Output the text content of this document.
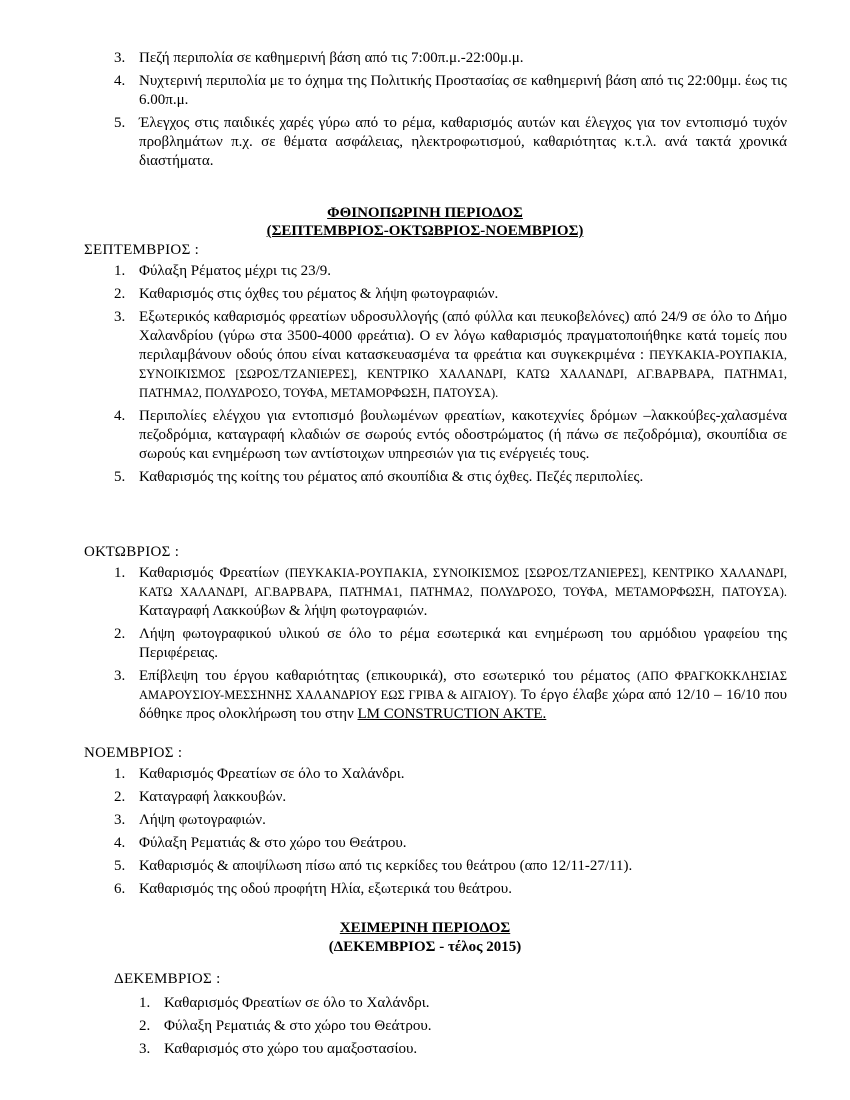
3. Πεζή περιπολία σε καθημερινή βάση από τις 7:00π.μ.-22:00μ.μ.
4. Νυχτερινή περιπολία με το όχημα της Πολιτικής Προστασίας σε καθημερινή βάση από τις 22:00μμ. έως τις 6.00π.μ.
5. Έλεγχος στις παιδικές χαρές γύρω από το ρέμα, καθαρισμός αυτών και έλεγχος για τον εντοπισμό τυχόν προβλημάτων π.χ. σε θέματα ασφάλειας, ηλεκτροφωτισμού, καθαριότητας κ.τ.λ. ανά τακτά χρονικά διαστήματα.
ΦΘΙΝΟΠΩΡΙΝΗ ΠΕΡΙΟΔΟΣ
(ΣΕΠΤΕΜΒΡΙΟΣ-ΟΚΤΩΒΡΙΟΣ-ΝΟΕΜΒΡΙΟΣ)
ΣΕΠΤΕΜΒΡΙΟΣ :
1. Φύλαξη Ρέματος μέχρι τις 23/9.
2. Καθαρισμός στις όχθες του ρέματος & λήψη φωτογραφιών.
3. Εξωτερικός καθαρισμός φρεατίων υδροσυλλογής (από φύλλα και πευκοβελόνες) από 24/9 σε όλο το Δήμο Χαλανδρίου (γύρω στα 3500-4000 φρεάτια). Ο εν λόγω καθαρισμός πραγματοποιήθηκε κατά τομείς που περιλαμβάνουν οδούς όπου είναι κατασκευασμένα τα φρεάτια και συγκεκριμένα : ΠΕΥΚΑΚΙΑ-ΡΟΥΠΑΚΙΑ, ΣΥΝΟΙΚΙΣΜΟΣ [ΣΩΡΟΣ/ΤΖΑΝΙΕΡΕΣ], ΚΕΝΤΡΙΚΟ ΧΑΛΑΝΔΡΙ, ΚΑΤΩ ΧΑΛΑΝΔΡΙ, ΑΓ.ΒΑΡΒΑΡΑ, ΠΑΤΗΜΑ1, ΠΑΤΗΜΑ2, ΠΟΛΥΔΡΟΣΟ, ΤΟΥΦΑ, ΜΕΤΑΜΟΡΦΩΣΗ, ΠΑΤΟΥΣΑ).
4. Περιπολίες ελέγχου για εντοπισμό βουλωμένων φρεατίων, κακοτεχνίες δρόμων –λακκούβες-χαλασμένα πεζοδρόμια, καταγραφή κλαδιών σε σωρούς εντός οδοστρώματος (ή πάνω σε πεζοδρόμια), σκουπίδια σε σωρούς και ενημέρωση των αντίστοιχων υπηρεσιών για τις ενέργειές τους.
5. Καθαρισμός της κοίτης του ρέματος από σκουπίδια & στις όχθες. Πεζές περιπολίες.
ΟΚΤΩΒΡΙΟΣ :
1. Καθαρισμός Φρεατίων (ΠΕΥΚΑΚΙΑ-ΡΟΥΠΑΚΙΑ, ΣΥΝΟΙΚΙΣΜΟΣ [ΣΩΡΟΣ/ΤΖΑΝΙΕΡΕΣ], ΚΕΝΤΡΙΚΟ ΧΑΛΑΝΔΡΙ, ΚΑΤΩ ΧΑΛΑΝΔΡΙ, ΑΓ.ΒΑΡΒΑΡΑ, ΠΑΤΗΜΑ1, ΠΑΤΗΜΑ2, ΠΟΛΥΔΡΟΣΟ, ΤΟΥΦΑ, ΜΕΤΑΜΟΡΦΩΣΗ, ΠΑΤΟΥΣΑ). Καταγραφή Λακκούβων & λήψη φωτογραφιών.
2. Λήψη φωτογραφικού υλικού σε όλο το ρέμα εσωτερικά και ενημέρωση του αρμόδιου γραφείου της Περιφέρειας.
3. Επίβλεψη του έργου καθαριότητας (επικουρικά), στο εσωτερικό του ρέματος (ΑΠΟ ΦΡΑΓΚΟΚΚΛΗΣΙΑΣ ΑΜΑΡΟΥΣΙΟΥ-ΜΕΣΣΗΝΗΣ ΧΑΛΑΝΔΡΙΟΥ ΕΩΣ ΓΡΙΒΑ & ΑΙΓΑΙΟΥ). Το έργο έλαβε χώρα από 12/10 – 16/10 που δόθηκε προς ολοκλήρωση του στην LM CONSTRUCTION AKTE.
ΝΟΕΜΒΡΙΟΣ :
1. Καθαρισμός Φρεατίων σε όλο το Χαλάνδρι.
2. Καταγραφή λακκουβών.
3. Λήψη φωτογραφιών.
4. Φύλαξη Ρεματιάς & στο χώρο του Θεάτρου.
5. Καθαρισμός & αποψίλωση πίσω από τις κερκίδες του θεάτρου (απο 12/11-27/11).
6. Καθαρισμός της οδού προφήτη Ηλία, εξωτερικά του θεάτρου.
ΧΕΙΜΕΡΙΝΗ ΠΕΡΙΟΔΟΣ
(ΔΕΚΕΜΒΡΙΟΣ - τέλος 2015)
ΔΕΚΕΜΒΡΙΟΣ :
1. Καθαρισμός Φρεατίων σε όλο το Χαλάνδρι.
2. Φύλαξη Ρεματιάς & στο χώρο του Θεάτρου.
3. Καθαρισμός στο χώρο του αμαξοστασίου.
